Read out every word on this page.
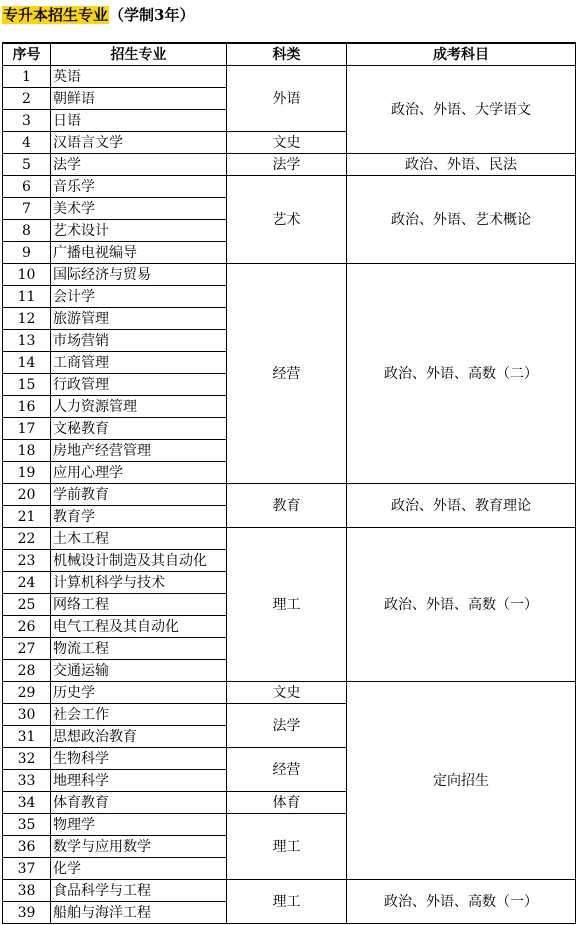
专升本招生专业（学制3年）
序号	招生专业	科类	成考科目
1	英语	外语	政治、外语、大学语文
2	朝鲜语		
3	日语		
4	汉语言文学	文史	
5	法学	法学	政治、外语、民法
6	音乐学	艺术	政治、外语、艺术概论
7	美术学		
8	艺术设计		
9	广播电视编导		
10	国际经济与贸易	经营	政治、外语、高数（二）
11	会计学		
12	旅游管理		
13	市场营销		
14	工商管理		
15	行政管理		
16	人力资源管理		
17	文秘教育		
18	房地产经营管理		
19	应用心理学		
20	学前教育	教育	政治、外语、教育理论
21	教育学		
22	土木工程	理工	政治、外语、高数（一）
23	机械设计制造及其自动化		
24	计算机科学与技术		
25	网络工程		
26	电气工程及其自动化		
27	物流工程		
28	交通运输		
29	历史学	文史	定向招生
30	社会工作	法学	
31	思想政治教育		
32	生物科学	经营	
33	地理科学		
34	体育教育	体育	
35	物理学	理工	
36	数学与应用数学		
37	化学		
38	食品科学与工程	理工	政治、外语、高数（一）
39	船舶与海洋工程		
